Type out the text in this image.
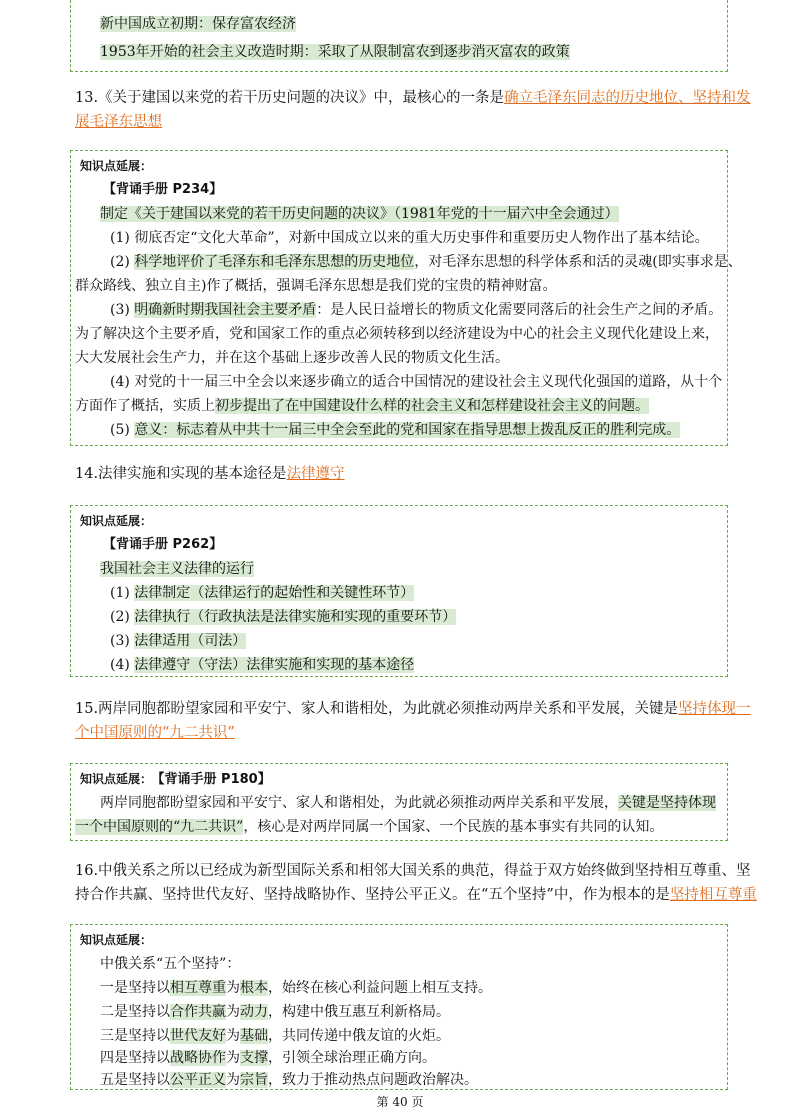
新中国成立初期：保存富农经济
1953年开始的社会主义改造时期：采取了从限制富农到逐步消灭富农的政策
13.《关于建国以来党的若干历史问题的决议》中，最核心的一条是确立毛泽东同志的历史地位、坚持和发
展毛泽东思想
知识点延展：
【背诵手册 P234】
制定《关于建国以来党的若干历史问题的决议》（1981年党的十一届六中全会通过）
(1) 彻底否定“文化大革命”，对新中国成立以来的重大历史事件和重要历史人物作出了基本结论。
(2) 科学地评价了毛泽东和毛泽东思想的历史地位，对毛泽东思想的科学体系和活的灵魂(即实事求是、
群众路线、独立自主)作了概括，强调毛泽东思想是我们党的宝贵的精神财富。
(3) 明确新时期我国社会主要矛盾：是人民日益增长的物质文化需要同落后的社会生产之间的矛盾。
为了解决这个主要矛盾，党和国家工作的重点必须转移到以经济建设为中心的社会主义现代化建设上来，
大大发展社会生产力，并在这个基础上逐步改善人民的物质文化生活。
(4) 对党的十一届三中全会以来逐步确立的适合中国情况的建设社会主义现代化强国的道路，从十个
方面作了概括，实质上初步提出了在中国建设什么样的社会主义和怎样建设社会主义的问题。
(5) 意义：标志着从中共十一届三中全会至此的党和国家在指导思想上拨乱反正的胜利完成。
14.法律实施和实现的基本途径是法律遵守
知识点延展：
【背诵手册 P262】
我国社会主义法律的运行
(1) 法律制定（法律运行的起始性和关键性环节）
(2) 法律执行（行政执法是法律实施和实现的重要环节）
(3) 法律适用（司法）
(4) 法律遵守（守法）法律实施和实现的基本途径
15.两岸同胞都盼望家园和平安宁、家人和谐相处，为此就必须推动两岸关系和平发展，关键是坚持体现一
个中国原则的“九二共识”
知识点延展： 【背诵手册 P180】
两岸同胞都盼望家园和平安宁、家人和谐相处，为此就必须推动两岸关系和平发展，关键是坚持体现
一个中国原则的“九二共识”，核心是对两岸同属一个国家、一个民族的基本事实有共同的认知。
16.中俄关系之所以已经成为新型国际关系和相邻大国关系的典范，得益于双方始终做到坚持相互尊重、坚
持合作共赢、坚持世代友好、坚持战略协作、坚持公平正义。在“五个坚持”中，作为根本的是坚持相互尊重
知识点延展：
中俄关系“五个坚持”：
一是坚持以相互尊重为根本，始终在核心利益问题上相互支持。
二是坚持以合作共赢为动力，构建中俄互惠互利新格局。
三是坚持以世代友好为基础，共同传递中俄友谊的火炬。
四是坚持以战略协作为支撑，引领全球治理正确方向。
五是坚持以公平正义为宗旨，致力于推动热点问题政治解决。
第 40 页
